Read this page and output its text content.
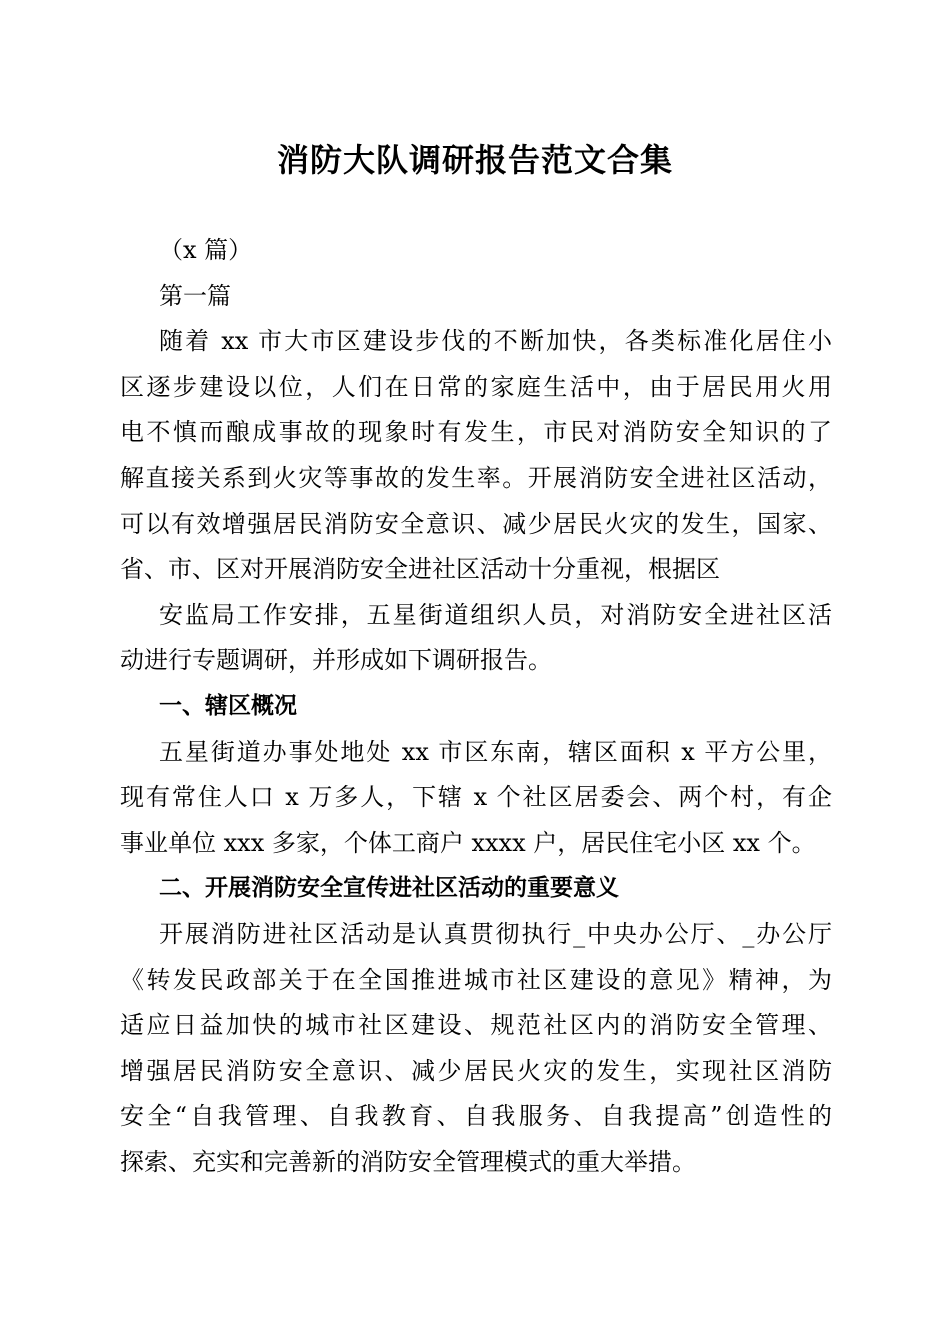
消防大队调研报告范文合集
（x 篇）
第一篇
随着 xx 市大市区建设步伐的不断加快，各类标准化居住小
区逐步建设以位，人们在日常的家庭生活中，由于居民用火用
电不慎而酿成事故的现象时有发生，市民对消防安全知识的了
解直接关系到火灾等事故的发生率。开展消防安全进社区活动，
可以有效增强居民消防安全意识、减少居民火灾的发生，国家、
省、市、区对开展消防安全进社区活动十分重视，根据区
安监局工作安排，五星街道组织人员，对消防安全进社区活
动进行专题调研，并形成如下调研报告。
一、辖区概况
五星街道办事处地处 xx 市区东南，辖区面积 x 平方公里，
现有常住人口 x 万多人，下辖 x 个社区居委会、两个村，有企
事业单位 xxx 多家，个体工商户 xxxx 户，居民住宅小区 xx 个。
二、开展消防安全宣传进社区活动的重要意义
开展消防进社区活动是认真贯彻执行_中央办公厅、_办公厅
《转发民政部关于在全国推进城市社区建设的意见》精神，为
适应日益加快的城市社区建设、规范社区内的消防安全管理、
增强居民消防安全意识、减少居民火灾的发生，实现社区消防
安全“自我管理、自我教育、自我服务、自我提高”创造性的
探索、充实和完善新的消防安全管理模式的重大举措。
